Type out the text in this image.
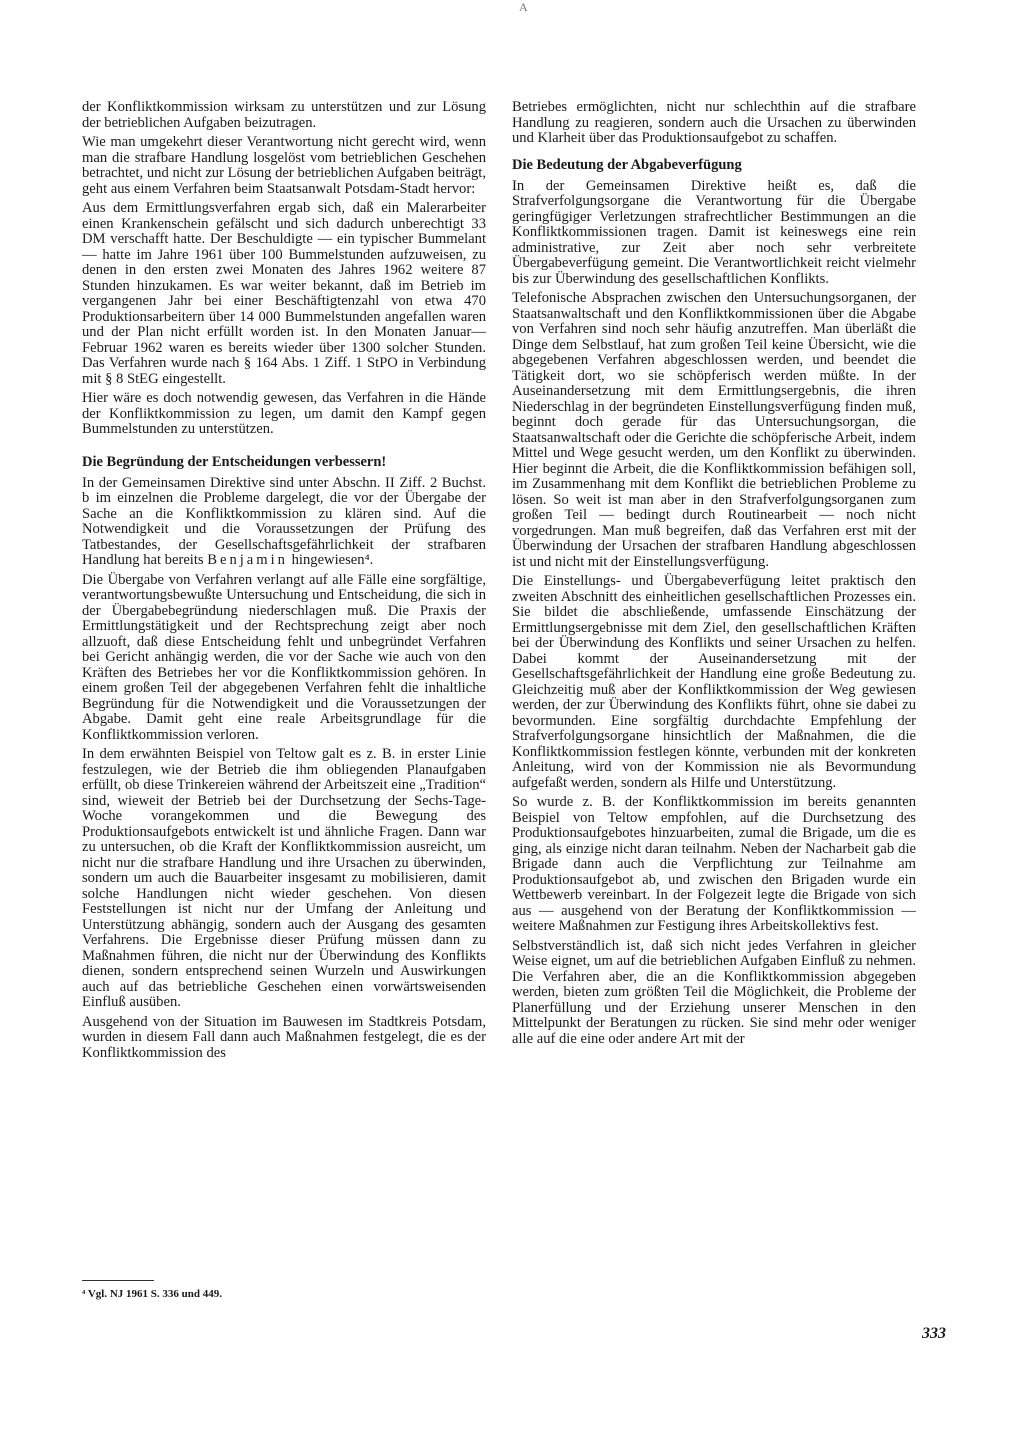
A

der Konfliktkommission wirksam zu unterstützen und zur Lösung der betrieblichen Aufgaben beizutragen.

Wie man umgekehrt dieser Verantwortung nicht gerecht wird, wenn man die strafbare Handlung losgelöst vom betrieblichen Geschehen betrachtet, und nicht zur Lösung der betrieblichen Aufgaben beiträgt, geht aus einem Verfahren beim Staatsanwalt Potsdam-Stadt hervor:

Aus dem Ermittlungsverfahren ergab sich, daß ein Malerarbeiter einen Krankenschein gefälscht und sich dadurch unberechtigt 33 DM verschafft hatte. Der Beschuldigte — ein typischer Bummelant — hatte im Jahre 1961 über 100 Bummelstunden aufzuweisen, zu denen in den ersten zwei Monaten des Jahres 1962 weitere 87 Stunden hinzukamen. Es war weiter bekannt, daß im Betrieb im vergangenen Jahr bei einer Beschäftigtenzahl von etwa 470 Produktionsarbeitern über 14 000 Bummelstunden angefallen waren und der Plan nicht erfüllt worden ist. In den Monaten Januar—Februar 1962 waren es bereits wieder über 1300 solcher Stunden. Das Verfahren wurde nach § 164 Abs. 1 Ziff. 1 StPO in Verbindung mit § 8 StEG eingestellt.

Hier wäre es doch notwendig gewesen, das Verfahren in die Hände der Konfliktkommission zu legen, um damit den Kampf gegen Bummelstunden zu unterstützen.

Die Begründung der Entscheidungen verbessern!

In der Gemeinsamen Direktive sind unter Abschn. II Ziff. 2 Buchst. b im einzelnen die Probleme dargelegt, die vor der Übergabe der Sache an die Konfliktkommission zu klären sind. Auf die Notwendigkeit und die Voraussetzungen der Prüfung des Tatbestandes, der Gesellschaftsgefährlichkeit der strafbaren Handlung hat bereits Benjamin hingewiesen⁴.

Die Übergabe von Verfahren verlangt auf alle Fälle eine sorgfältige, verantwortungsbewußte Untersuchung und Entscheidung, die sich in der Übergabebegründung niederschlagen muß. Die Praxis der Ermittlungstätigkeit und der Rechtsprechung zeigt aber noch allzuoft, daß diese Entscheidung fehlt und unbegründet Verfahren bei Gericht anhängig werden, die vor der Sache wie auch von den Kräften des Betriebes her vor die Konfliktkommission gehören. In einem großen Teil der abgegebenen Verfahren fehlt die inhaltliche Begründung für die Notwendigkeit und die Voraussetzungen der Abgabe. Damit geht eine reale Arbeitsgrundlage für die Konfliktkommission verloren.

In dem erwähnten Beispiel von Teltow galt es z. B. in erster Linie festzulegen, wie der Betrieb die ihm obliegenden Planaufgaben erfüllt, ob diese Trinkereien während der Arbeitszeit eine „Tradition“ sind, wieweit der Betrieb bei der Durchsetzung der Sechs-Tage-Woche vorangekommen und die Bewegung des Produktionsaufgebots entwickelt ist und ähnliche Fragen. Dann war zu untersuchen, ob die Kraft der Konfliktkommission ausreicht, um nicht nur die strafbare Handlung und ihre Ursachen zu überwinden, sondern um auch die Bauarbeiter insgesamt zu mobilisieren, damit solche Handlungen nicht wieder geschehen. Von diesen Feststellungen ist nicht nur der Umfang der Anleitung und Unterstützung abhängig, sondern auch der Ausgang des gesamten Verfahrens. Die Ergebnisse dieser Prüfung müssen dann zu Maßnahmen führen, die nicht nur der Überwindung des Konflikts dienen, sondern entsprechend seinen Wurzeln und Auswirkungen auch auf das betriebliche Geschehen einen vorwärtsweisenden Einfluß ausüben.

Ausgehend von der Situation im Bauwesen im Stadtkreis Potsdam, wurden in diesem Fall dann auch Maßnahmen festgelegt, die es der Konfliktkommission des

⁴ Vgl. NJ 1961 S. 336 und 449.

Betriebes ermöglichten, nicht nur schlechthin auf die strafbare Handlung zu reagieren, sondern auch die Ursachen zu überwinden und Klarheit über das Produktionsaufgebot zu schaffen.

Die Bedeutung der Abgabeverfügung

In der Gemeinsamen Direktive heißt es, daß die Strafverfolgungsorgane die Verantwortung für die Übergabe geringfügiger Verletzungen strafrechtlicher Bestimmungen an die Konfliktkommissionen tragen. Damit ist keineswegs eine rein administrative, zur Zeit aber noch sehr verbreitete Übergabeverfügung gemeint. Die Verantwortlichkeit reicht vielmehr bis zur Überwindung des gesellschaftlichen Konflikts.

Telefonische Absprachen zwischen den Untersuchungsorganen, der Staatsanwaltschaft und den Konfliktkommissionen über die Abgabe von Verfahren sind noch sehr häufig anzutreffen. Man überläßt die Dinge dem Selbstlauf, hat zum großen Teil keine Übersicht, wie die abgegebenen Verfahren abgeschlossen werden, und beendet die Tätigkeit dort, wo sie schöpferisch werden müßte. In der Auseinandersetzung mit dem Ermittlungsergebnis, die ihren Niederschlag in der begründeten Einstellungsverfügung finden muß, beginnt doch gerade für das Untersuchungsorgan, die Staatsanwaltschaft oder die Gerichte die schöpferische Arbeit, indem Mittel und Wege gesucht werden, um den Konflikt zu überwinden. Hier beginnt die Arbeit, die die Konfliktkommission befähigen soll, im Zusammenhang mit dem Konflikt die betrieblichen Probleme zu lösen. So weit ist man aber in den Strafverfolgungsorganen zum großen Teil — bedingt durch Routinearbeit — noch nicht vorgedrungen. Man muß begreifen, daß das Verfahren erst mit der Überwindung der Ursachen der strafbaren Handlung abgeschlossen ist und nicht mit der Einstellungsverfügung.

Die Einstellungs- und Übergabeverfügung leitet praktisch den zweiten Abschnitt des einheitlichen gesellschaftlichen Prozesses ein. Sie bildet die abschließende, umfassende Einschätzung der Ermittlungsergebnisse mit dem Ziel, den gesellschaftlichen Kräften bei der Überwindung des Konflikts und seiner Ursachen zu helfen. Dabei kommt der Auseinandersetzung mit der Gesellschaftsgefährlichkeit der Handlung eine große Bedeutung zu. Gleichzeitig muß aber der Konfliktkommission der Weg gewiesen werden, der zur Überwindung des Konflikts führt, ohne sie dabei zu bevormunden. Eine sorgfältig durchdachte Empfehlung der Strafverfolgungsorgane hinsichtlich der Maßnahmen, die die Konfliktkommission festlegen könnte, verbunden mit der konkreten Anleitung, wird von der Kommission nie als Bevormundung aufgefaßt werden, sondern als Hilfe und Unterstützung.

So wurde z. B. der Konfliktkommission im bereits genannten Beispiel von Teltow empfohlen, auf die Durchsetzung des Produktionsaufgebotes hinzuarbeiten, zumal die Brigade, um die es ging, als einzige nicht daran teilnahm. Neben der Nacharbeit gab die Brigade dann auch die Verpflichtung zur Teilnahme am Produktionsaufgebot ab, und zwischen den Brigaden wurde ein Wettbewerb vereinbart. In der Folgezeit legte die Brigade von sich aus — ausgehend von der Beratung der Konfliktkommission — weitere Maßnahmen zur Festigung ihres Arbeitskollektivs fest.

Selbstverständlich ist, daß sich nicht jedes Verfahren in gleicher Weise eignet, um auf die betrieblichen Aufgaben Einfluß zu nehmen. Die Verfahren aber, die an die Konfliktkommission abgegeben werden, bieten zum größten Teil die Möglichkeit, die Probleme der Planerfüllung und der Erziehung unserer Menschen in den Mittelpunkt der Beratungen zu rücken. Sie sind mehr oder weniger alle auf die eine oder andere Art mit der

333
